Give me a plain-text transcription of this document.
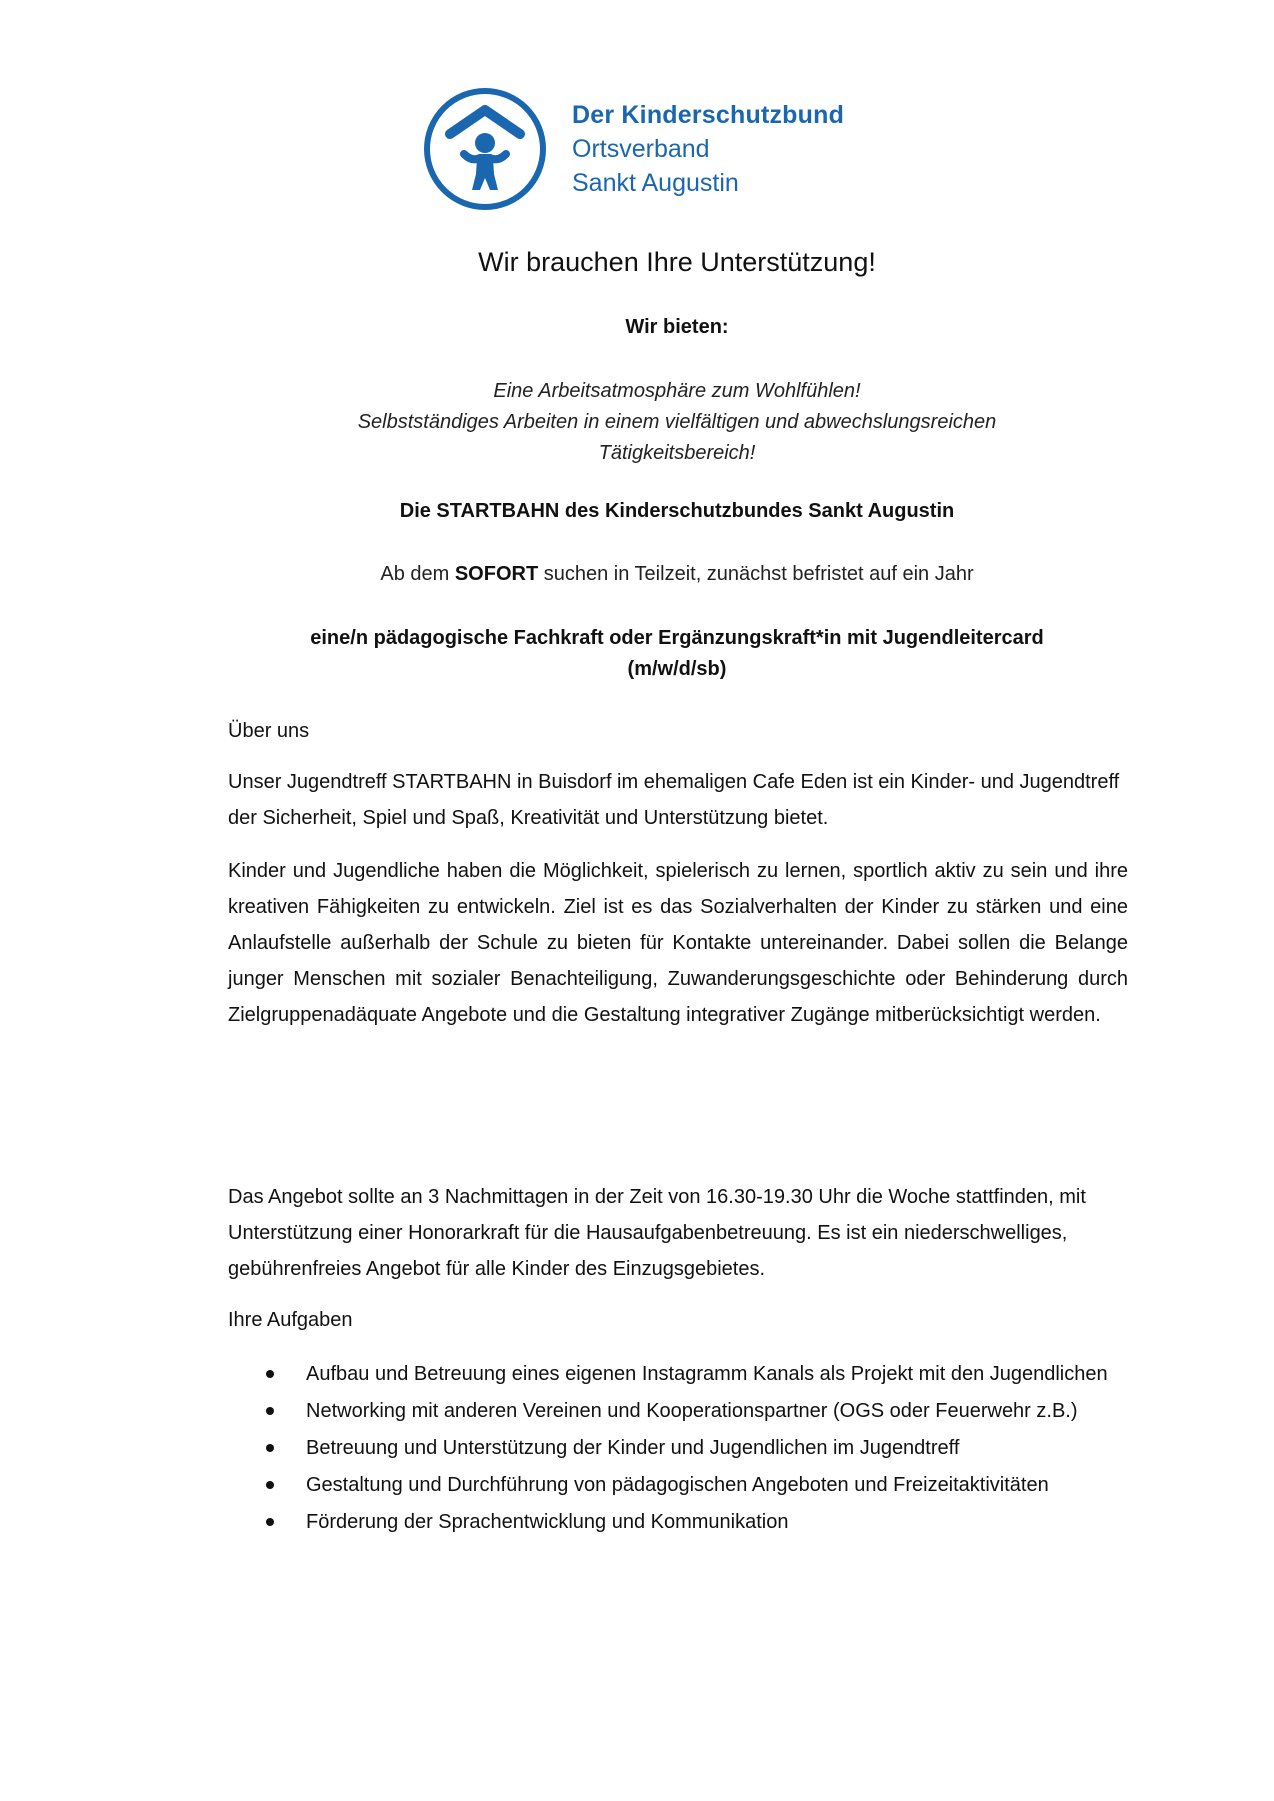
Der Kinderschutzbund
Ortsverband
Sankt Augustin
Wir brauchen Ihre Unterstützung!
Wir bieten:
Eine Arbeitsatmosphäre zum Wohlfühlen!
Selbstständiges Arbeiten in einem vielfältigen und abwechslungsreichen
Tätigkeitsbereich!
Die STARTBAHN des Kinderschutzbundes Sankt Augustin
Ab dem SOFORT suchen in Teilzeit, zunächst befristet auf ein Jahr
eine/n pädagogische Fachkraft oder Ergänzungskraft*in mit Jugendleitercard
(m/w/d/sb)
Über uns
Unser Jugendtreff STARTBAHN in Buisdorf im ehemaligen Cafe Eden ist ein Kinder- und Jugendtreff der Sicherheit, Spiel und Spaß, Kreativität und Unterstützung bietet.
Kinder und Jugendliche haben die Möglichkeit, spielerisch zu lernen, sportlich aktiv zu sein und ihre kreativen Fähigkeiten zu entwickeln. Ziel ist es das Sozialverhalten der Kinder zu stärken und eine Anlaufstelle außerhalb der Schule zu bieten für Kontakte untereinander. Dabei sollen die Belange junger Menschen mit sozialer Benachteiligung, Zuwanderungsgeschichte oder Behinderung durch Zielgruppenadäquate Angebote und die Gestaltung integrativer Zugänge mitberücksichtigt werden.
Das Angebot sollte an 3 Nachmittagen in der Zeit von 16.30-19.30 Uhr die Woche stattfinden, mit Unterstützung einer Honorarkraft für die Hausaufgabenbetreuung. Es ist ein niederschwelliges, gebührenfreies Angebot für alle Kinder des Einzugsgebietes.
Ihre Aufgaben
Aufbau und Betreuung eines eigenen Instagramm Kanals als Projekt mit den Jugendlichen
Networking mit anderen Vereinen und Kooperationspartner (OGS oder Feuerwehr z.B.)
Betreuung und Unterstützung der Kinder und Jugendlichen im Jugendtreff
Gestaltung und Durchführung von pädagogischen Angeboten und Freizeitaktivitäten
Förderung der Sprachentwicklung und Kommunikation
